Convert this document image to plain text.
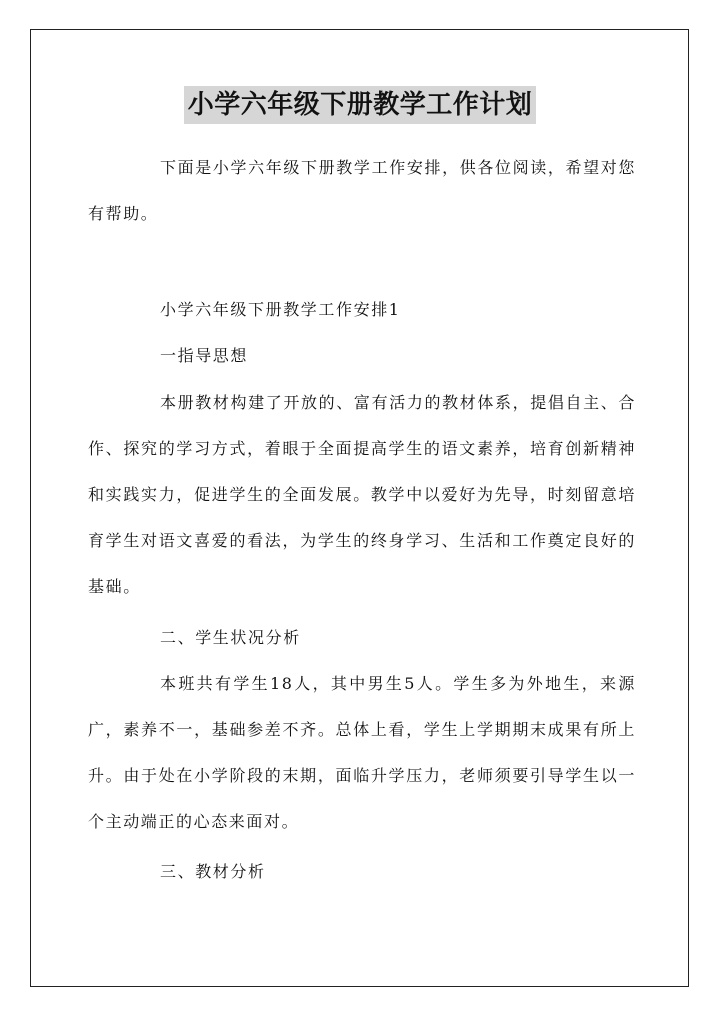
小学六年级下册教学工作计划

下面是小学六年级下册教学工作安排，供各位阅读，希望对您有帮助。

小学六年级下册教学工作安排1

一指导思想

本册教材构建了开放的、富有活力的教材体系，提倡自主、合作、探究的学习方式，着眼于全面提高学生的语文素养，培育创新精神和实践实力，促进学生的全面发展。教学中以爱好为先导，时刻留意培育学生对语文喜爱的看法，为学生的终身学习、生活和工作奠定良好的基础。

二、学生状况分析

本班共有学生18人，其中男生5人。学生多为外地生，来源广，素养不一，基础参差不齐。总体上看，学生上学期期末成果有所上升。由于处在小学阶段的末期，面临升学压力，老师须要引导学生以一个主动端正的心态来面对。

三、教材分析
